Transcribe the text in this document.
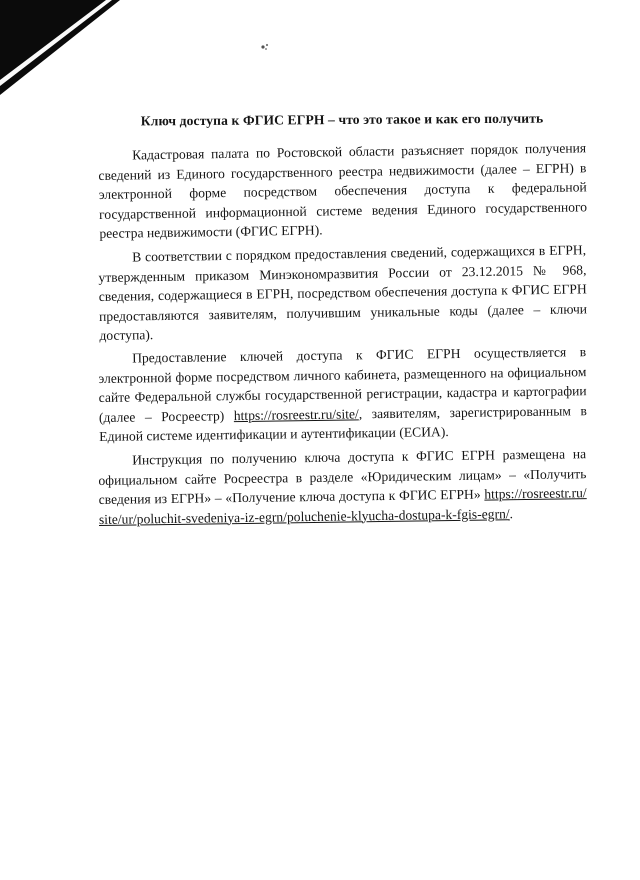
Ключ доступа к ФГИС ЕГРН – что это такое и как его получить

Кадастровая палата по Ростовской области разъясняет порядок получения сведений из Единого государственного реестра недвижимости (далее – ЕГРН) в электронной форме посредством обеспечения доступа к федеральной государственной информационной системе ведения Единого государственного реестра недвижимости (ФГИС ЕГРН).

В соответствии с порядком предоставления сведений, содержащихся в ЕГРН, утвержденным приказом Минэкономразвития России от 23.12.2015 № 968, сведения, содержащиеся в ЕГРН, посредством обеспечения доступа к ФГИС ЕГРН предоставляются заявителям, получившим уникальные коды (далее – ключи доступа).

Предоставление ключей доступа к ФГИС ЕГРН осуществляется в электронной форме посредством личного кабинета, размещенного на официальном сайте Федеральной службы государственной регистрации, кадастра и картографии (далее – Росреестр) https://rosreestr.ru/site/, заявителям, зарегистрированным в Единой системе идентификации и аутентификации (ЕСИА).

Инструкция по получению ключа доступа к ФГИС ЕГРН размещена на официальном сайте Росреестра в разделе «Юридическим лицам» – «Получить сведения из ЕГРН» – «Получение ключа доступа к ФГИС ЕГРН» https://rosreestr.ru/site/ur/poluchit-svedeniya-iz-egrn/poluchenie-klyucha-dostupa-k-fgis-egrn/.
